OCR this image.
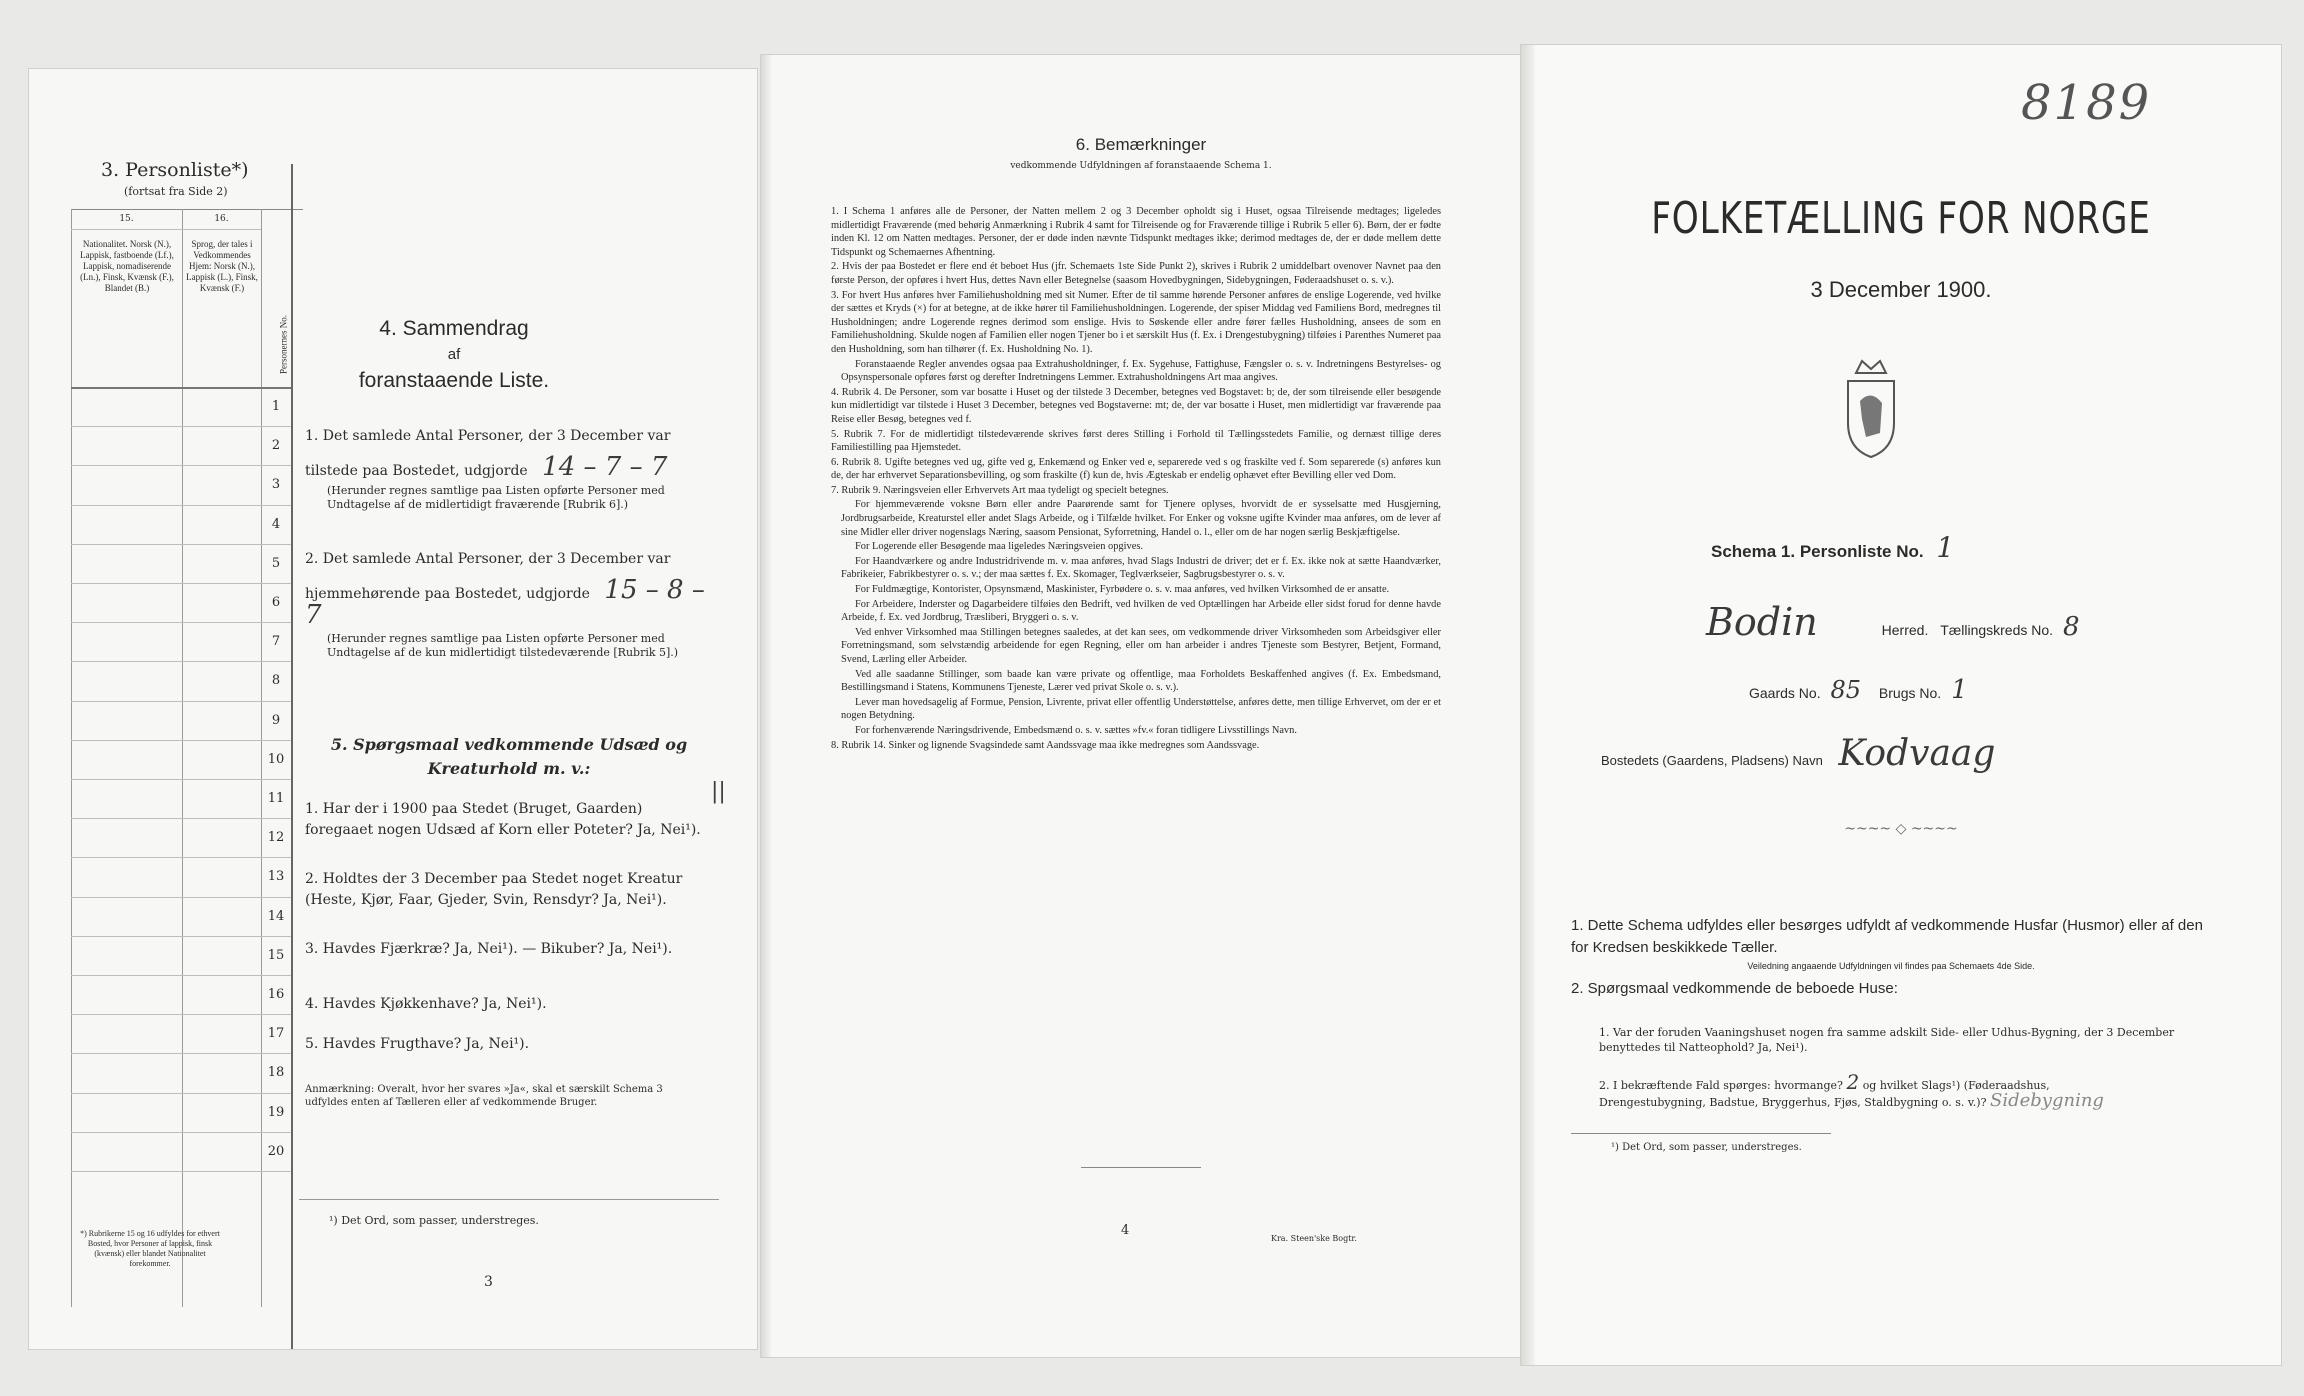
3. Personliste*)
(fortsat fra Side 2)
15.	16.
Nationalitet. Norsk (N.), Lappisk, fastboende (Lf.), Lappisk, nomadiserende (Ln.), Finsk, Kvænsk (F.), Blandet (B.)
Sprog, der tales i Vedkommendes Hjem: Norsk (N.), Lappisk (L.), Finsk, Kvænsk (F.)
Personernes No.
1
2
3
4
5
6
7
8
9
10
11
12
13
14
15
16
17
18
19
20
*) Rubrikerne 15 og 16 udfyldes for ethvert Bosted, hvor Personer af lappisk, finsk (kvænsk) eller blandet Nationalitet forekommer.
4. Sammendrag
af
foranstaaende Liste.
1. Det samlede Antal Personer, der 3 December var
tilstede paa Bostedet, udgjorde 14 – 7 – 7
(Herunder regnes samtlige paa Listen opførte Personer med Undtagelse af de midlertidigt fraværende [Rubrik 6].)
2. Det samlede Antal Personer, der 3 December var
hjemmehørende paa Bostedet, udgjorde 15 – 8 – 7
(Herunder regnes samtlige paa Listen opførte Personer med Undtagelse af de kun midlertidigt tilstedeværende [Rubrik 5].)
5. Spørgsmaal vedkommende Udsæd og
Kreaturhold m. v.:
||
1. Har der i 1900 paa Stedet (Bruget, Gaarden) foregaaet nogen Udsæd af Korn eller Poteter? Ja, Nei¹).
2. Holdtes der 3 December paa Stedet noget Kreatur (Heste, Kjør, Faar, Gjeder, Svin, Rensdyr? Ja, Nei¹).
3. Havdes Fjærkræ? Ja, Nei¹). — Bikuber? Ja, Nei¹).
4. Havdes Kjøkkenhave? Ja, Nei¹).
5. Havdes Frugthave? Ja, Nei¹).
Anmærkning: Overalt, hvor her svares »Ja«, skal et særskilt Schema 3 udfyldes enten af Tælleren eller af vedkommende Bruger.
¹) Det Ord, som passer, understreges.
3
6. Bemærkninger
vedkommende Udfyldningen af foranstaaende Schema 1.
1. I Schema 1 anføres alle de Personer, der Natten mellem 2 og 3 December opholdt sig i Huset, ogsaa Tilreisende medtages; ligeledes midlertidigt Fraværende (med behørig Anmærkning i Rubrik 4 samt for Tilreisende og for Fraværende tillige i Rubrik 5 eller 6). Børn, der er fødte inden Kl. 12 om Natten medtages. Personer, der er døde inden nævnte Tidspunkt medtages ikke; derimod medtages de, der er døde mellem dette Tidspunkt og Schemaernes Afhentning.
2. Hvis der paa Bostedet er flere end ét beboet Hus (jfr. Schemaets 1ste Side Punkt 2), skrives i Rubrik 2 umiddelbart ovenover Navnet paa den første Person, der opføres i hvert Hus, dettes Navn eller Betegnelse (saasom Hovedbygningen, Sidebygningen, Føderaadshuset o. s. v.).
3. For hvert Hus anføres hver Familiehusholdning med sit Numer. Efter de til samme hørende Personer anføres de enslige Logerende, ved hvilke der sættes et Kryds (×) for at betegne, at de ikke hører til Familiehusholdningen. Logerende, der spiser Middag ved Familiens Bord, medregnes til Husholdningen; andre Logerende regnes derimod som enslige. Hvis to Søskende eller andre fører fælles Husholdning, ansees de som en Familiehusholdning. Skulde nogen af Familien eller nogen Tjener bo i et særskilt Hus (f. Ex. i Drengestubygning) tilføies i Parenthes Numeret paa den Husholdning, som han tilhører (f. Ex. Husholdning No. 1).
Foranstaaende Regler anvendes ogsaa paa Extrahusholdninger, f. Ex. Sygehuse, Fattighuse, Fængsler o. s. v. Indretningens Bestyrelses- og Opsynspersonale opføres først og derefter Indretningens Lemmer. Extrahusholdningens Art maa angives.
4. Rubrik 4. De Personer, som var bosatte i Huset og der tilstede 3 December, betegnes ved Bogstavet: b; de, der som tilreisende eller besøgende kun midlertidigt var tilstede i Huset 3 December, betegnes ved Bogstaverne: mt; de, der var bosatte i Huset, men midlertidigt var fraværende paa Reise eller Besøg, betegnes ved f.
5. Rubrik 7. For de midlertidigt tilstedeværende skrives først deres Stilling i Forhold til Tællingsstedets Familie, og dernæst tillige deres Familiestilling paa Hjemstedet.
6. Rubrik 8. Ugifte betegnes ved ug, gifte ved g, Enkemænd og Enker ved e, separerede ved s og fraskilte ved f. Som separerede (s) anføres kun de, der har erhvervet Separationsbevilling, og som fraskilte (f) kun de, hvis Ægteskab er endelig ophævet efter Bevilling eller ved Dom.
7. Rubrik 9. Næringsveien eller Erhvervets Art maa tydeligt og specielt betegnes.
For hjemmeværende voksne Børn eller andre Paarørende samt for Tjenere oplyses, hvorvidt de er sysselsatte med Husgjerning, Jordbrugsarbeide, Kreaturstel eller andet Slags Arbeide, og i Tilfælde hvilket. For Enker og voksne ugifte Kvinder maa anføres, om de lever af sine Midler eller driver nogenslags Næring, saasom Pensionat, Syforretning, Handel o. l., eller om de har nogen særlig Beskjæftigelse.
For Logerende eller Besøgende maa ligeledes Næringsveien opgives.
For Haandværkere og andre Industridrivende m. v. maa anføres, hvad Slags Industri de driver; det er f. Ex. ikke nok at sætte Haandværker, Fabrikeier, Fabrikbestyrer o. s. v.; der maa sættes f. Ex. Skomager, Teglværkseier, Sagbrugsbestyrer o. s. v.
For Fuldmægtige, Kontorister, Opsynsmænd, Maskinister, Fyrbødere o. s. v. maa anføres, ved hvilken Virksomhed de er ansatte.
For Arbeidere, Inderster og Dagarbeidere tilføies den Bedrift, ved hvilken de ved Optællingen har Arbeide eller sidst forud for denne havde Arbeide, f. Ex. ved Jordbrug, Træsliberi, Bryggeri o. s. v.
Ved enhver Virksomhed maa Stillingen betegnes saaledes, at det kan sees, om vedkommende driver Virksomheden som Arbeidsgiver eller Forretningsmand, som selvstændig arbeidende for egen Regning, eller om han arbeider i andres Tjeneste som Bestyrer, Betjent, Formand, Svend, Lærling eller Arbeider.
Ved alle saadanne Stillinger, som baade kan være private og offentlige, maa Forholdets Beskaffenhed angives (f. Ex. Embedsmand, Bestillingsmand i Statens, Kommunens Tjeneste, Lærer ved privat Skole o. s. v.).
Lever man hovedsagelig af Formue, Pension, Livrente, privat eller offentlig Understøttelse, anføres dette, men tillige Erhvervet, om der er et nogen Betydning.
For forhenværende Næringsdrivende, Embedsmænd o. s. v. sættes »fv.« foran tidligere Livsstillings Navn.
8. Rubrik 14. Sinker og lignende Svagsindede samt Aandssvage maa ikke medregnes som Aandssvage.
4
Kra. Steen'ske Bogtr.
8189
FOLKETÆLLING FOR NORGE
3 December 1900.
Schema 1. Personliste No. 1
Bodin	Herred. Tællingskreds No. 8
Gaards No. 85 Brugs No. 1
Bostedets (Gaardens, Pladsens) Navn Kodvaag
~~~~ ◇ ~~~~
1. Dette Schema udfyldes eller besørges udfyldt af vedkommende Husfar (Husmor) eller af den for Kredsen beskikkede Tæller.
Veiledning angaaende Udfyldningen vil findes paa Schemaets 4de Side.
2. Spørgsmaal vedkommende de beboede Huse:
1. Var der foruden Vaaningshuset nogen fra samme adskilt Side- eller Udhus-Bygning, der 3 December benyttedes til Natteophold? Ja, Nei¹).
2. I bekræftende Fald spørges: hvormange? 2 og hvilket Slags¹) (Føderaadshus, Drengestubygning, Badstue, Bryggerhus, Fjøs, Staldbygning o. s. v.)? Sidebygning
¹) Det Ord, som passer, understreges.
